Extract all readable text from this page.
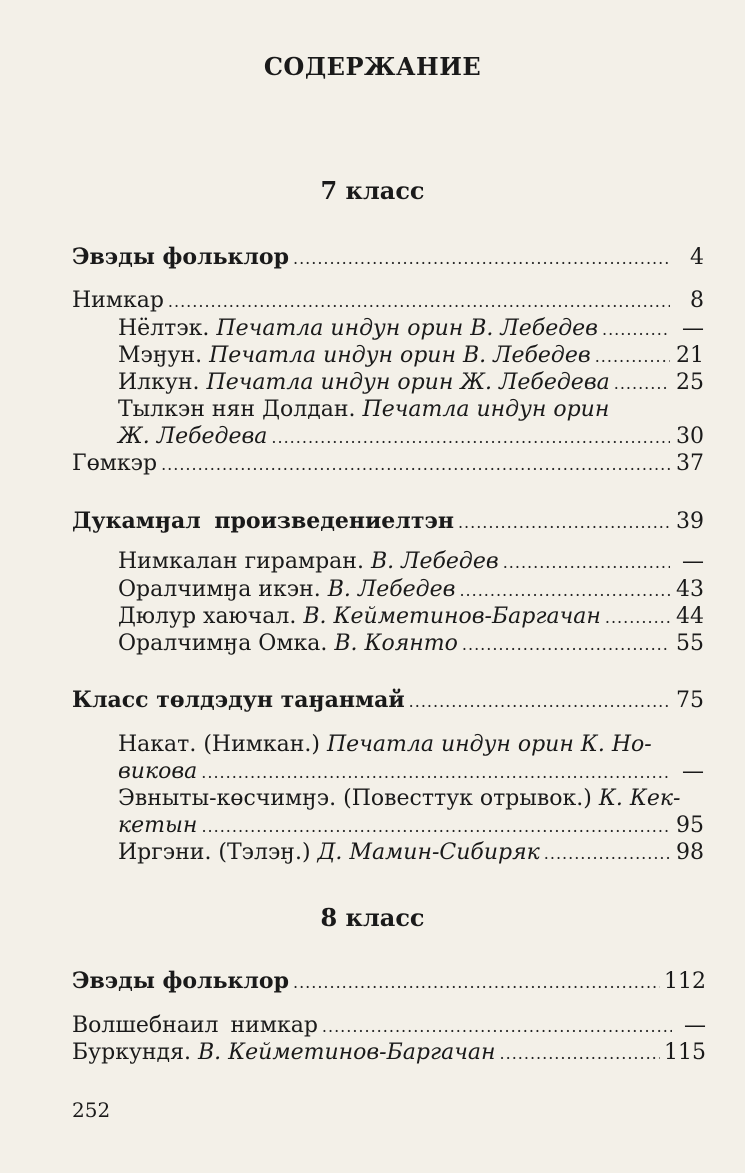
СОДЕРЖАНИЕ
7 класс
Эвэды фольклор .....	4
Нимкар .....	8
Нёлтэк. Печатла индун орин В. Лебедев .....	—
Мэӈун. Печатла индун орин В. Лебедев .....	21
Илкун. Печатла индун орин Ж. Лебедева .....	25
Тылкэн нян Долдан. Печатла индун орин
Ж. Лебедева .....	30
Гөмкэр .....	37
Дукамӈал произведениелтэн .....	39
Нимкалан гирамран. В. Лебедев .....	—
Оралчимӈа икэн. В. Лебедев .....	43
Дюлур хаючал. В. Кейметинов-Баргачан .....	44
Оралчимӈа Омка. В. Коянто .....	55
Класс төлдэдун таӈанмай .....	75
Накат. (Нимкан.) Печатла индун орин К. Но-
викова .....	—
Эвныты-көсчимӈэ. (Повесттук отрывок.) К. Кек-
кетын .....	95
Иргэни. (Тэлэӈ.) Д. Мамин-Сибиряк .....	98
8 класс
Эвэды фольклор .....	112
Волшебнаил нимкар .....	—
Буркундя. В. Кейметинов-Баргачан .....	115
252
